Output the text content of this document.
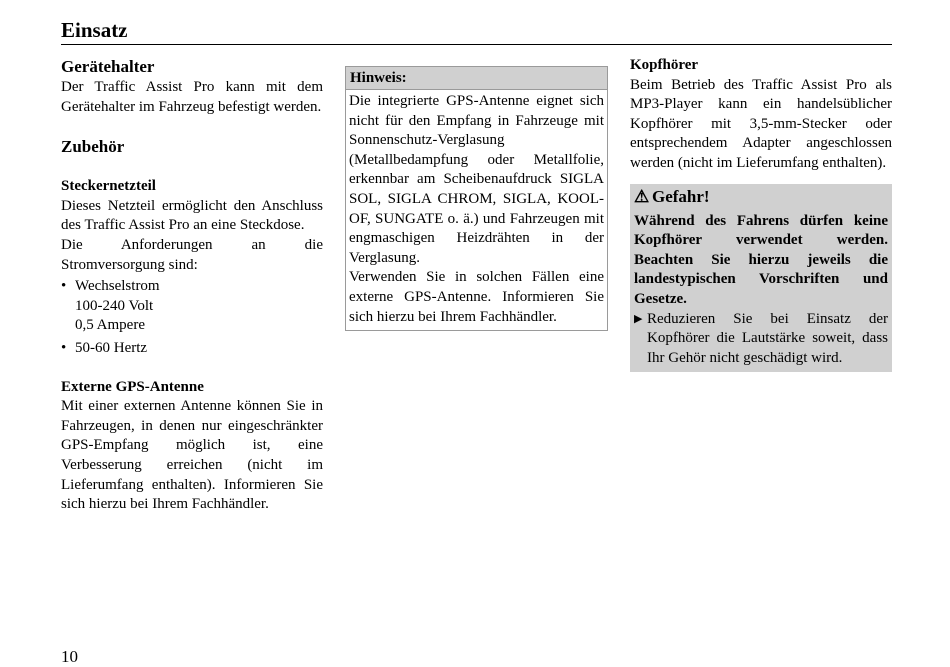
Einsatz
Gerätehalter

Der Traffic Assist Pro kann mit dem Gerätehalter im Fahrzeug befestigt werden.

Zubehör
Steckernetzteil

Dieses Netzteil ermöglicht den Anschluss des Traffic Assist Pro an eine Steckdose.

Die Anforderungen an die Stromversorgung sind:

• Wechselstrom
100-240 Volt
0,5 Ampere
• 50-60 Hertz
Externe GPS-Antenne

Mit einer externen Antenne können Sie in Fahrzeugen, in denen nur eingeschränkter GPS-Empfang möglich ist, eine Verbesserung erreichen (nicht im Lieferumfang enthalten). Informieren Sie sich hierzu bei Ihrem Fachhändler.

Hinweis:

Die integrierte GPS-Antenne eignet sich nicht für den Empfang in Fahrzeuge mit Sonnenschutz-Verglasung (Metallbedampfung oder Metallfolie, erkennbar am Scheibenaufdruck SIGLA SOL, SIGLA CHROM, SIGLA, KOOL-OF, SUNGATE o. ä.) und Fahrzeugen mit engmaschigen Heizdrähten in der Verglasung.

Verwenden Sie in solchen Fällen eine externe GPS-Antenne. Informieren Sie sich hierzu bei Ihrem Fachhändler.

Kopfhörer

Beim Betrieb des Traffic Assist Pro als MP3-Player kann ein handelsüblicher Kopfhörer mit 3,5-mm-Stecker oder entsprechendem Adapter angeschlossen werden (nicht im Lieferumfang enthalten).

⚠ Gefahr!

Während des Fahrens dürfen keine Kopfhörer verwendet werden. Beachten Sie hierzu jeweils die landestypischen Vorschriften und Gesetze.

▶ Reduzieren Sie bei Einsatz der Kopfhörer die Lautstärke soweit, dass Ihr Gehör nicht geschädigt wird.

10
